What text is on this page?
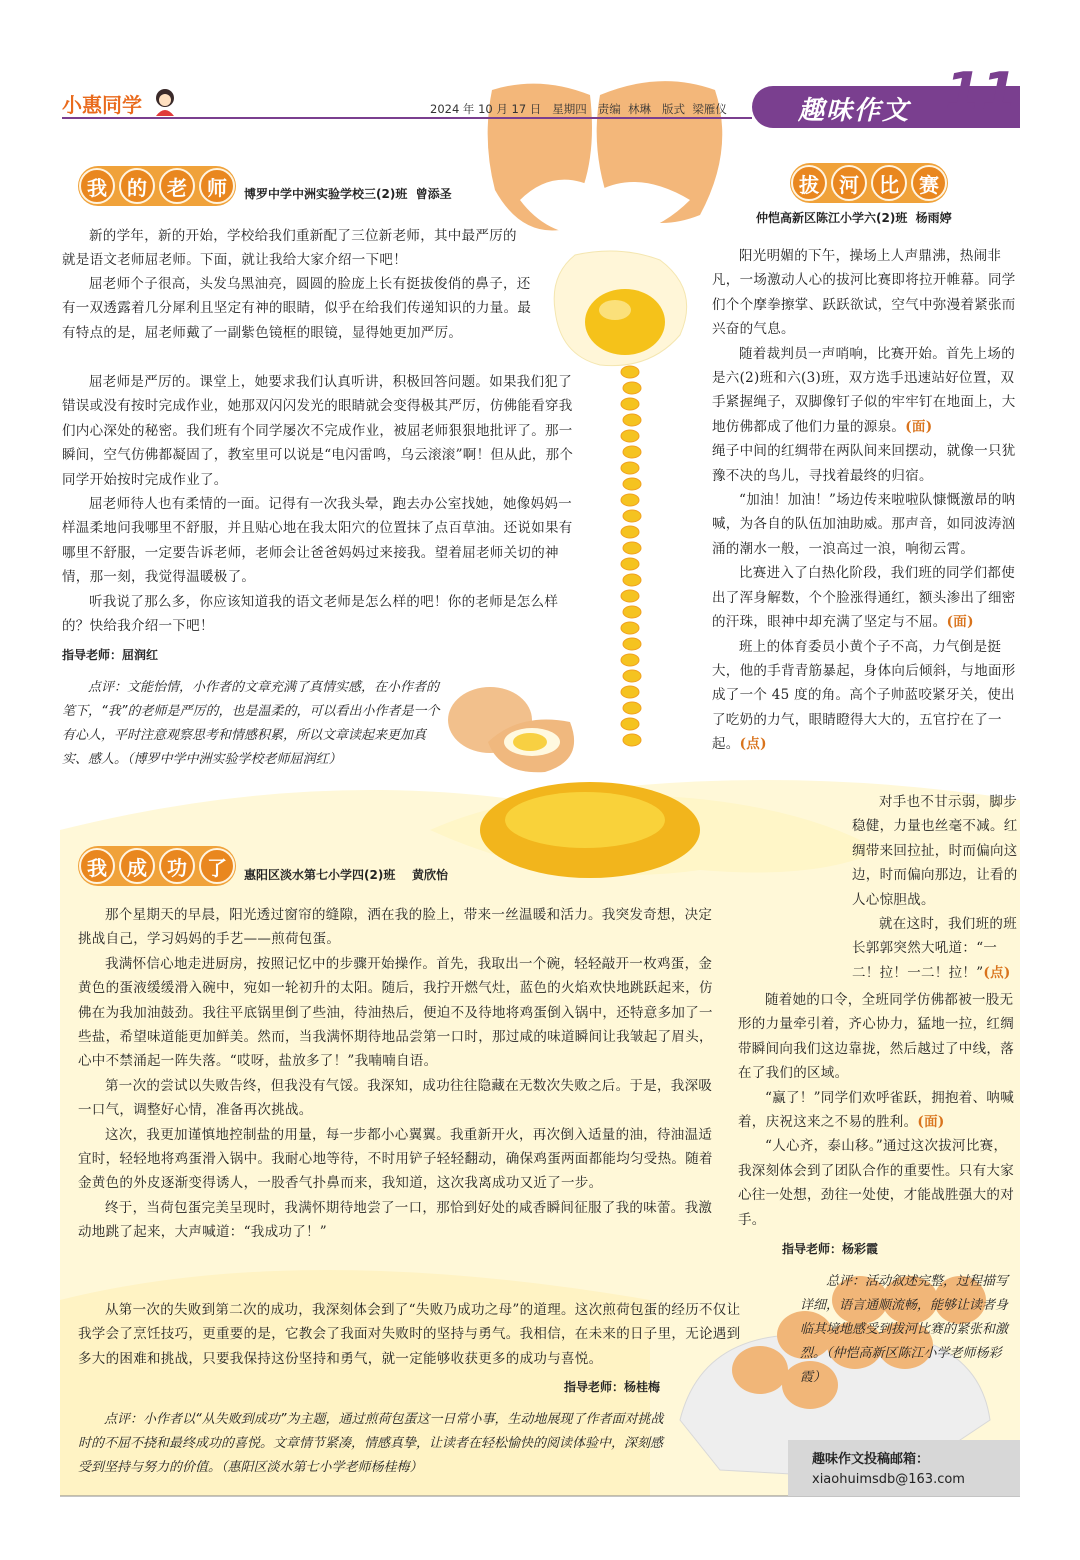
小惠同学	2024 年 10 月 17 日   星期四   责编  林琳   版式  梁雁仪	趣味作文 11
我	的	老	师	博罗中学中洲实验学校三(2)班  曾添圣

新的学年，新的开始，学校给我们重新配了三位新老师，其中最严厉的就是语文老师屈老师。下面，就让我给大家介绍一下吧！

屈老师个子很高，头发乌黑油亮，圆圆的脸庞上长有挺拔俊俏的鼻子，还有一双透露着几分犀利且坚定有神的眼睛，似乎在给我们传递知识的力量。最有特点的是，屈老师戴了一副紫色镜框的眼镜，显得她更加严厉。

屈老师是严厉的。课堂上，她要求我们认真听讲，积极回答问题。如果我们犯了错误或没有按时完成作业，她那双闪闪发光的眼睛就会变得极其严厉，仿佛能看穿我们内心深处的秘密。我们班有个同学屡次不完成作业，被屈老师狠狠地批评了。那一瞬间，空气仿佛都凝固了，教室里可以说是“电闪雷鸣，乌云滚滚”啊！但从此，那个同学开始按时完成作业了。

屈老师待人也有柔情的一面。记得有一次我头晕，跑去办公室找她，她像妈妈一样温柔地问我哪里不舒服，并且贴心地在我太阳穴的位置抹了点百草油。还说如果有哪里不舒服，一定要告诉老师，老师会让爸爸妈妈过来接我。望着屈老师关切的神情，那一刻，我觉得温暖极了。

听我说了那么多，你应该知道我的语文老师是怎么样的吧！你的老师是怎么样的？快给我介绍一下吧！

指导老师：屈润红
点评：文能怡情，小作者的文章充满了真情实感，在小作者的笔下，“我”的老师是严厉的，也是温柔的，可以看出小作者是一个有心人，平时注意观察思考和情感积累，所以文章读起来更加真实、感人。（博罗中学中洲实验学校老师屈润红）
拔	河	比	赛
仲恺高新区陈江小学六(2)班  杨雨婷

阳光明媚的下午，操场上人声鼎沸，热闹非凡，一场激动人心的拔河比赛即将拉开帷幕。同学们个个摩拳擦掌、跃跃欲试，空气中弥漫着紧张而兴奋的气息。

随着裁判员一声哨响，比赛开始。首先上场的是六(2)班和六(3)班，双方选手迅速站好位置，双手紧握绳子，双脚像钉子似的牢牢钉在地面上，大地仿佛都成了他们力量的源泉。(面)

绳子中间的红绸带在两队间来回摆动，就像一只犹豫不决的鸟儿，寻找着最终的归宿。

“加油！加油！”场边传来啦啦队慷慨激昂的呐喊，为各自的队伍加油助威。那声音，如同波涛汹涌的潮水一般，一浪高过一浪，响彻云霄。

比赛进入了白热化阶段，我们班的同学们都使出了浑身解数，个个脸涨得通红，额头渗出了细密的汗珠，眼神中却充满了坚定与不屈。(面)

班上的体育委员小黄个子不高，力气倒是挺大，他的手背青筋暴起，身体向后倾斜，与地面形成了一个 45 度的角。高个子帅蓝咬紧牙关，使出了吃奶的力气，眼睛瞪得大大的，五官拧在了一起。(点)

对手也不甘示弱，脚步稳健，力量也丝毫不减。红绸带来回拉扯，时而偏向这边，时而偏向那边，让看的人心惊胆战。

就在这时，我们班的班长郭郭突然大吼道：“一二！拉！一二！拉！”(点)

随着她的口令，全班同学仿佛都被一股无形的力量牵引着，齐心协力，猛地一拉，红绸带瞬间向我们这边靠拢，然后越过了中线，落在了我们的区域。

“赢了！”同学们欢呼雀跃，拥抱着、呐喊着，庆祝这来之不易的胜利。(面)

“人心齐，泰山移。”通过这次拔河比赛，我深刻体会到了团队合作的重要性。只有大家心往一处想，劲往一处使，才能战胜强大的对手。

指导老师：杨彩霞
总评：活动叙述完整，过程描写详细，语言通顺流畅，能够让读者身临其境地感受到拔河比赛的紧张和激烈。（仲恺高新区陈江小学老师杨彩霞）
我	成	功	了	惠阳区淡水第七小学四(2)班    黄欣怡

那个星期天的早晨，阳光透过窗帘的缝隙，洒在我的脸上，带来一丝温暖和活力。我突发奇想，决定挑战自己，学习妈妈的手艺——煎荷包蛋。

我满怀信心地走进厨房，按照记忆中的步骤开始操作。首先，我取出一个碗，轻轻敲开一枚鸡蛋，金黄色的蛋液缓缓滑入碗中，宛如一轮初升的太阳。随后，我拧开燃气灶，蓝色的火焰欢快地跳跃起来，仿佛在为我加油鼓劲。我往平底锅里倒了些油，待油热后，便迫不及待地将鸡蛋倒入锅中，还特意多加了一些盐，希望味道能更加鲜美。然而，当我满怀期待地品尝第一口时，那过咸的味道瞬间让我皱起了眉头，心中不禁涌起一阵失落。“哎呀，盐放多了！”我喃喃自语。

第一次的尝试以失败告终，但我没有气馁。我深知，成功往往隐藏在无数次失败之后。于是，我深吸一口气，调整好心情，准备再次挑战。

这次，我更加谨慎地控制盐的用量，每一步都小心翼翼。我重新开火，再次倒入适量的油，待油温适宜时，轻轻地将鸡蛋滑入锅中。我耐心地等待，不时用铲子轻轻翻动，确保鸡蛋两面都能均匀受热。随着金黄色的外皮逐渐变得诱人，一股香气扑鼻而来，我知道，这次我离成功又近了一步。

终于，当荷包蛋完美呈现时，我满怀期待地尝了一口，那恰到好处的咸香瞬间征服了我的味蕾。我激动地跳了起来，大声喊道：“我成功了！”

从第一次的失败到第二次的成功，我深刻体会到了“失败乃成功之母”的道理。这次煎荷包蛋的经历不仅让我学会了烹饪技巧，更重要的是，它教会了我面对失败时的坚持与勇气。我相信，在未来的日子里，无论遇到多大的困难和挑战，只要我保持这份坚持和勇气，就一定能够收获更多的成功与喜悦。

指导老师：杨桂梅
点评：小作者以“从失败到成功”为主题，通过煎荷包蛋这一日常小事，生动地展现了作者面对挑战时的不屈不挠和最终成功的喜悦。文章情节紧凑，情感真挚，让读者在轻松愉快的阅读体验中，深刻感受到坚持与努力的价值。（惠阳区淡水第七小学老师杨桂梅）
趣味作文投稿邮箱：
xiaohuimsdb@163.com
